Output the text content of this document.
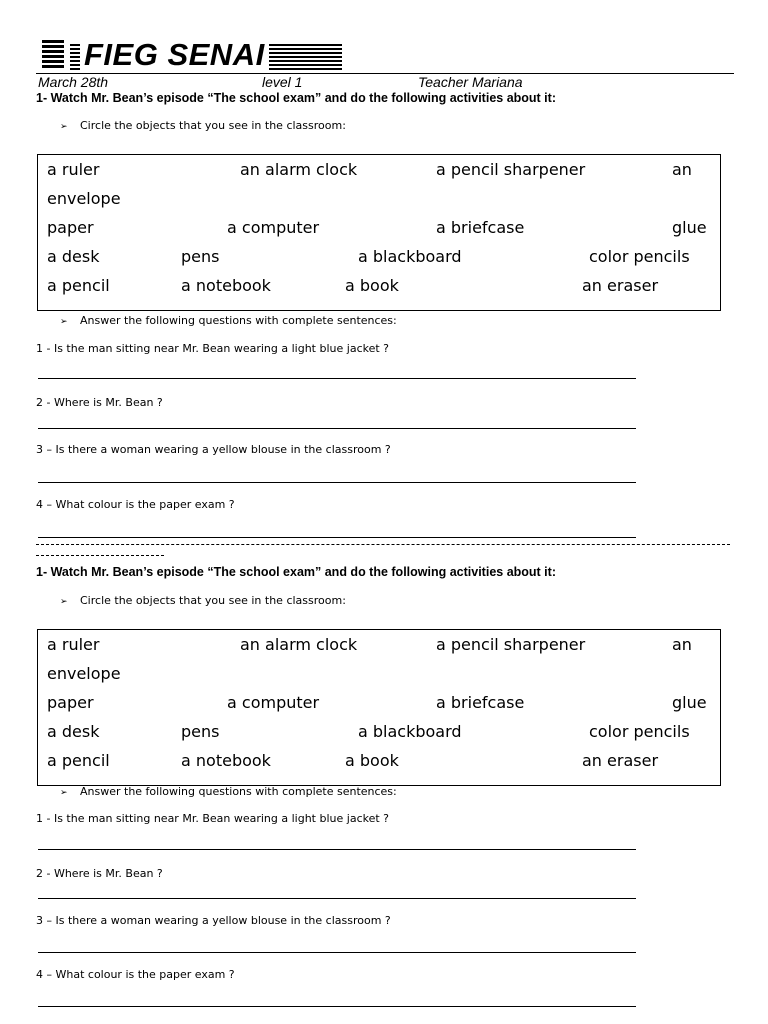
FIEG SENAI
March 28th	level 1	Teacher Mariana
1- Watch Mr. Bean’s episode “The school exam” and do the following activities about it:
➢ Circle the objects that you see in the classroom:
a ruler	an alarm clock	a pencil sharpener	an
envelope
paper	a computer	a briefcase	glue
a desk	pens	a blackboard	color pencils
a pencil	a notebook	a book	an eraser
➢ Answer the following questions with complete sentences:
1 - Is the man sitting near Mr. Bean wearing a light blue jacket ?
2 - Where is Mr. Bean ?
3 – Is there a woman wearing a yellow blouse in the classroom ?
4 – What colour is the paper exam ?
1- Watch Mr. Bean’s episode “The school exam” and do the following activities about it:
➢ Circle the objects that you see in the classroom:
a ruler	an alarm clock	a pencil sharpener	an
envelope
paper	a computer	a briefcase	glue
a desk	pens	a blackboard	color pencils
a pencil	a notebook	a book	an eraser
➢ Answer the following questions with complete sentences:
1 - Is the man sitting near Mr. Bean wearing a light blue jacket ?
2 - Where is Mr. Bean ?
3 – Is there a woman wearing a yellow blouse in the classroom ?
4 – What colour is the paper exam ?
